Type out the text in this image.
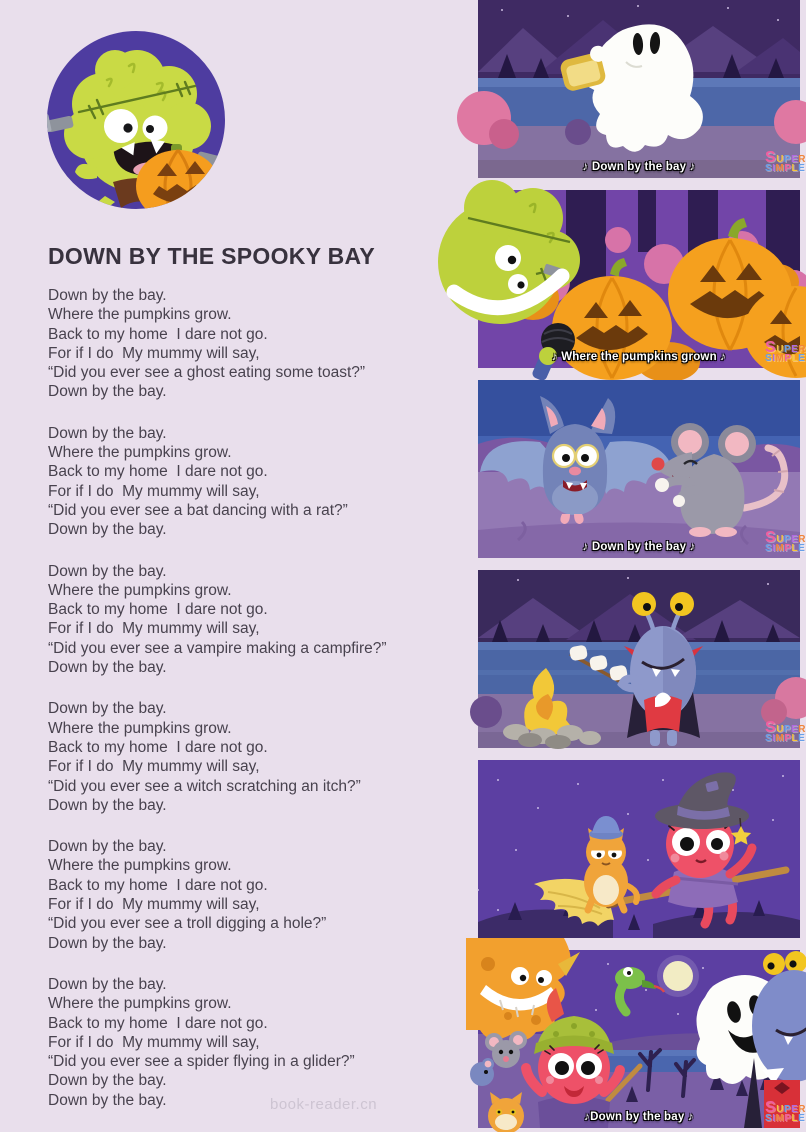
DOWN BY THE SPOOKY BAY
Down by the bay.
Where the pumpkins grow.
Back to my home  I dare not go.
For if I do  My mummy will say,
“Did you ever see a ghost eating some toast?”
Down by the bay.
Down by the bay.
Where the pumpkins grow.
Back to my home  I dare not go.
For if I do  My mummy will say,
“Did you ever see a bat dancing with a rat?”
Down by the bay.
Down by the bay.
Where the pumpkins grow.
Back to my home  I dare not go.
For if I do  My mummy will say,
“Did you ever see a vampire making a campfire?”
Down by the bay.
Down by the bay.
Where the pumpkins grow.
Back to my home  I dare not go.
For if I do  My mummy will say,
“Did you ever see a witch scratching an itch?”
Down by the bay.
Down by the bay.
Where the pumpkins grow.
Back to my home  I dare not go.
For if I do  My mummy will say,
“Did you ever see a troll digging a hole?”
Down by the bay.
Down by the bay.
Where the pumpkins grow.
Back to my home  I dare not go.
For if I do  My mummy will say,
“Did you ever see a spider flying in a glider?”
Down by the bay.
Down by the bay.	book-reader.cn
♪ Down by the bay ♪
SUPER
SIMPLE
♪ Where the pumpkins grown ♪
SUPER
SIMPLE
♪ Down by the bay ♪
SUPER
SIMPLE
SUPER
SIMPLE
♪Down by the bay ♪
SUPER
SIMPLE
